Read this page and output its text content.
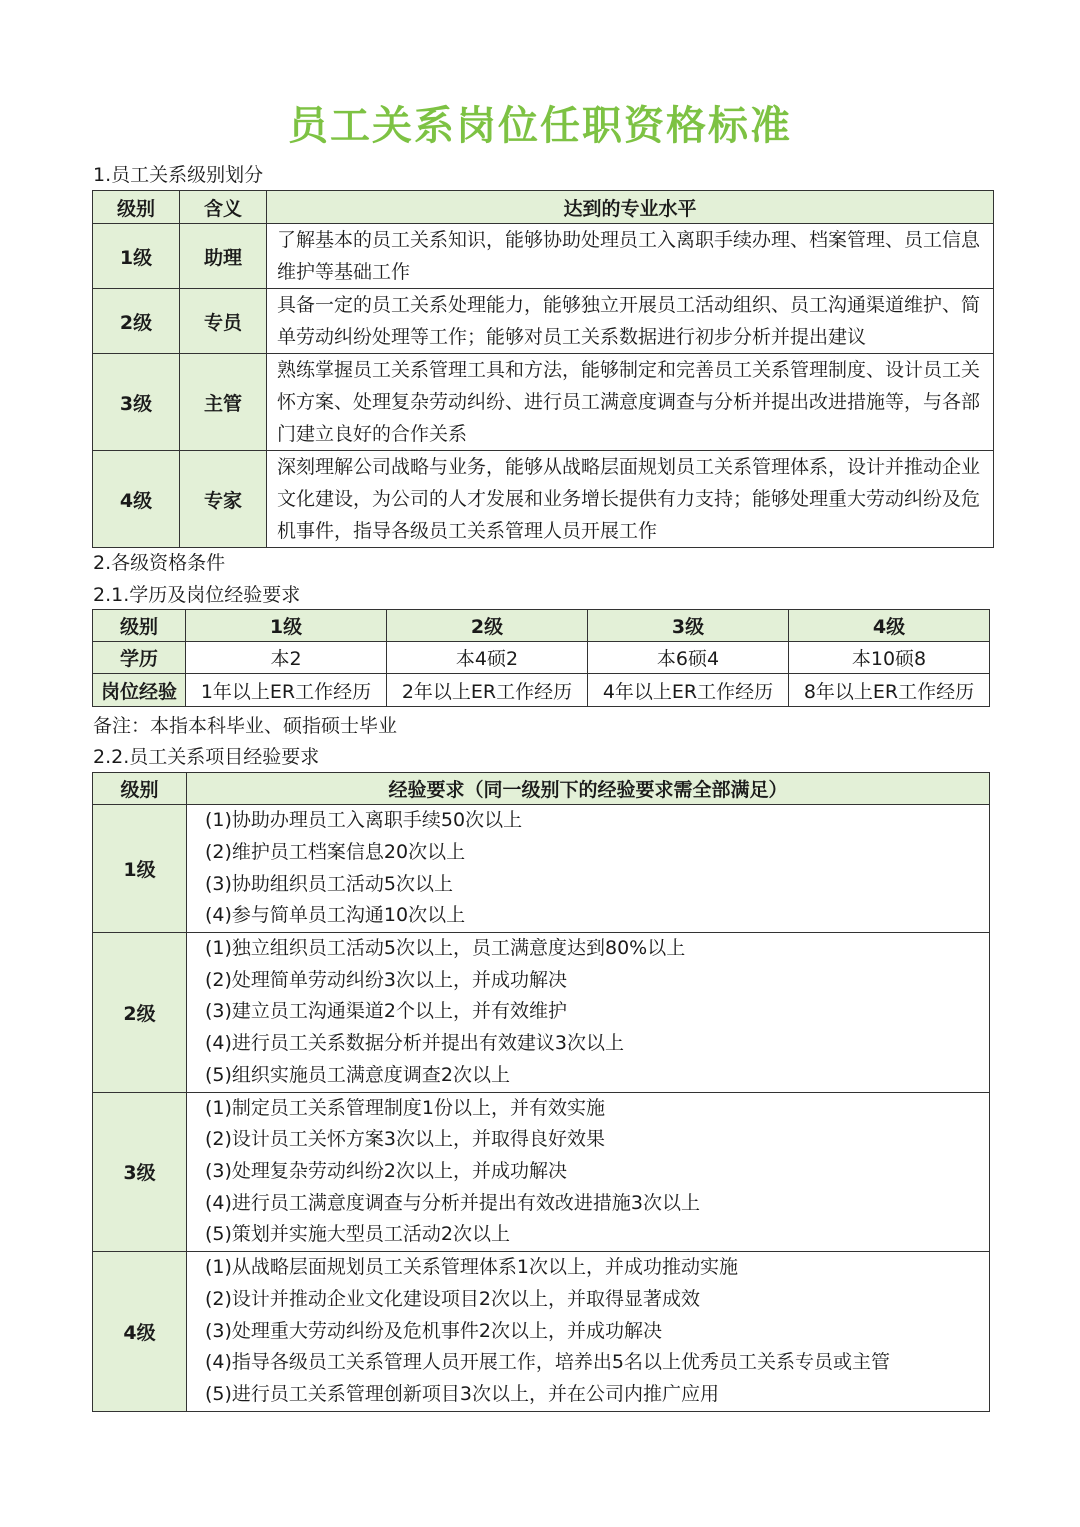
员工关系岗位任职资格标准
1.员工关系级别划分
级别	含义	达到的专业水平
1级	助理	了解基本的员工关系知识，能够协助处理员工入离职手续办理、档案管理、员工信息维护等基础工作
2级	专员	具备一定的员工关系处理能力，能够独立开展员工活动组织、员工沟通渠道维护、简单劳动纠纷处理等工作；能够对员工关系数据进行初步分析并提出建议
3级	主管	熟练掌握员工关系管理工具和方法，能够制定和完善员工关系管理制度、设计员工关怀方案、处理复杂劳动纠纷、进行员工满意度调查与分析并提出改进措施等，与各部门建立良好的合作关系
4级	专家	深刻理解公司战略与业务，能够从战略层面规划员工关系管理体系，设计并推动企业文化建设，为公司的人才发展和业务增长提供有力支持；能够处理重大劳动纠纷及危机事件，指导各级员工关系管理人员开展工作
2.各级资格条件
2.1.学历及岗位经验要求
级别	1级	2级	3级	4级
学历	本2	本4硕2	本6硕4	本10硕8
岗位经验	1年以上ER工作经历	2年以上ER工作经历	4年以上ER工作经历	8年以上ER工作经历
备注：本指本科毕业、硕指硕士毕业
2.2.员工关系项目经验要求
级别	经验要求（同一级别下的经验要求需全部满足）
1级	(1)协助办理员工入离职手续50次以上
(2)维护员工档案信息20次以上
(3)协助组织员工活动5次以上
(4)参与简单员工沟通10次以上

2级	(1)独立组织员工活动5次以上，员工满意度达到80%以上
(2)处理简单劳动纠纷3次以上，并成功解决
(3)建立员工沟通渠道2个以上，并有效维护
(4)进行员工关系数据分析并提出有效建议3次以上
(5)组织实施员工满意度调查2次以上

3级	(1)制定员工关系管理制度1份以上，并有效实施
(2)设计员工关怀方案3次以上，并取得良好效果
(3)处理复杂劳动纠纷2次以上，并成功解决
(4)进行员工满意度调查与分析并提出有效改进措施3次以上
(5)策划并实施大型员工活动2次以上

4级	(1)从战略层面规划员工关系管理体系1次以上，并成功推动实施
(2)设计并推动企业文化建设项目2次以上，并取得显著成效
(3)处理重大劳动纠纷及危机事件2次以上，并成功解决
(4)指导各级员工关系管理人员开展工作，培养出5名以上优秀员工关系专员或主管
(5)进行员工关系管理创新项目3次以上，并在公司内推广应用
